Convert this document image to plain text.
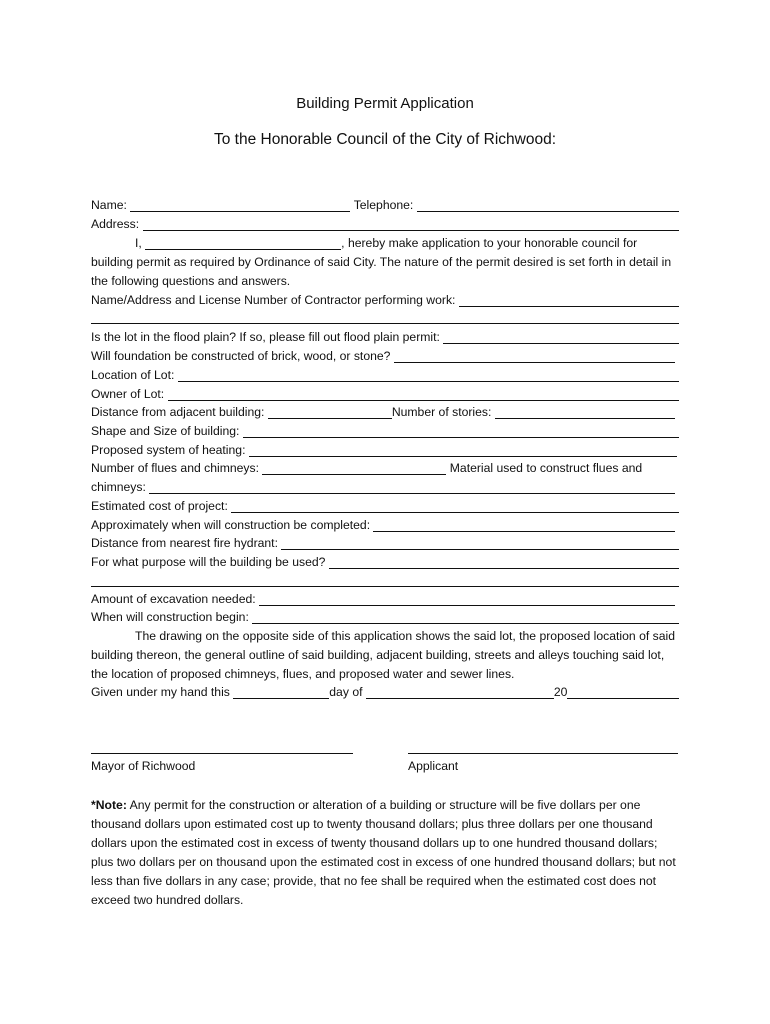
Building Permit Application
To the Honorable Council of the City of Richwood:
Name:

	Telephone:

Address:

I,
	, hereby make application to your honorable council for
building permit as required by Ordinance of said City. The nature of the permit desired is set forth in detail in the following questions and answers.
Name/Address and License Number of Contractor performing work:

Is the lot in the flood plain? If so, please fill out flood plain permit:

Will foundation be constructed of brick, wood, or stone?

Location of Lot:

Owner of Lot:

Distance from adjacent building:
	Number of stories:

Shape and Size of building:

Proposed system of heating:

Number of flues and chimneys:

	Material used to construct flues and
chimneys:

Estimated cost of project:

Approximately when will construction be completed:

Distance from nearest fire hydrant:

For what purpose will the building be used?

Amount of excavation needed:

When will construction begin:

The drawing on the opposite side of this application shows the said lot, the proposed location of said building thereon, the general outline of said building, adjacent building, streets and alleys touching said lot, the location of proposed chimneys, flues, and proposed water and sewer lines.
Given under my hand this
	day of
	20
Mayor of Richwood	Applicant
*Note: Any permit for the construction or alteration of a building or structure will be five dollars per one thousand dollars upon estimated cost up to twenty thousand dollars; plus three dollars per one thousand dollars upon the estimated cost in excess of twenty thousand dollars up to one hundred thousand dollars; plus two dollars per on thousand upon the estimated cost in excess of one hundred thousand dollars; but not less than five dollars in any case; provide, that no fee shall be required when the estimated cost does not exceed two hundred dollars.
